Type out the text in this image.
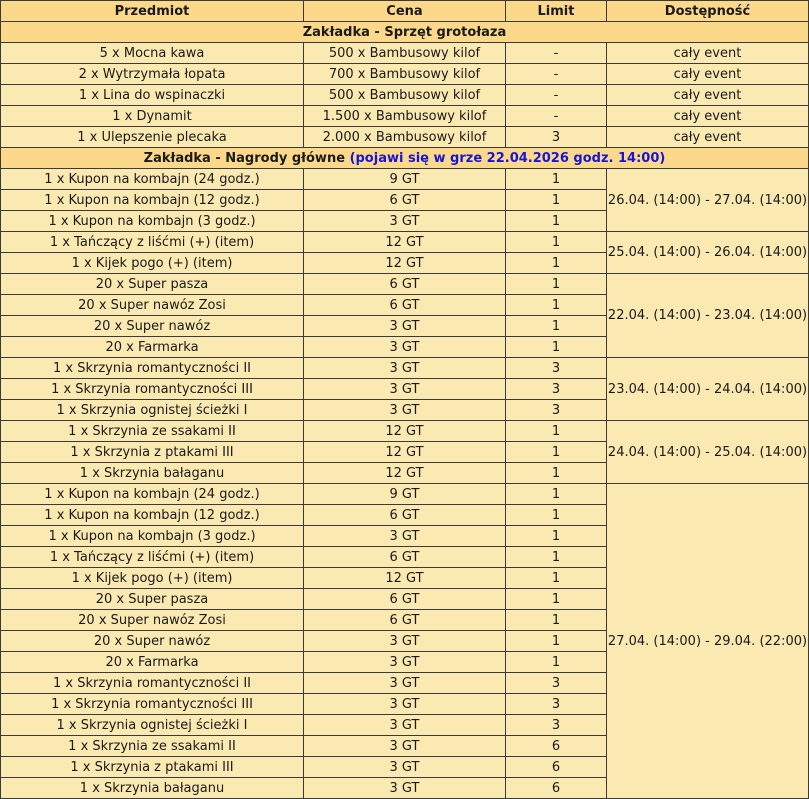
Przedmiot	Cena	Limit	Dostępność
Zakładka - Sprzęt grotołaza			
5 x Mocna kawa	500 x Bambusowy kilof	-	cały event
2 x Wytrzymała łopata	700 x Bambusowy kilof	-	cały event
1 x Lina do wspinaczki	500 x Bambusowy kilof	-	cały event
1 x Dynamit	1.500 x Bambusowy kilof	-	cały event
1 x Ulepszenie plecaka	2.000 x Bambusowy kilof	3	cały event
Zakładka - Nagrody główne (pojawi się w grze 22.04.2026 godz. 14:00)			
1 x Kupon na kombajn (24 godz.)	9 GT	1	26.04. (14:00) - 27.04. (14:00)
1 x Kupon na kombajn (12 godz.)	6 GT	1	
1 x Kupon na kombajn (3 godz.)	3 GT	1	
1 x Tańczący z liśćmi (+) (item)	12 GT	1	25.04. (14:00) - 26.04. (14:00)
1 x Kijek pogo (+) (item)	12 GT	1	
20 x Super pasza	6 GT	1	22.04. (14:00) - 23.04. (14:00)
20 x Super nawóz Zosi	6 GT	1	
20 x Super nawóz	3 GT	1	
20 x Farmarka	3 GT	1	
1 x Skrzynia romantyczności II	3 GT	3	23.04. (14:00) - 24.04. (14:00)
1 x Skrzynia romantyczności III	3 GT	3	
1 x Skrzynia ognistej ścieżki I	3 GT	3	
1 x Skrzynia ze ssakami II	12 GT	1	24.04. (14:00) - 25.04. (14:00)
1 x Skrzynia z ptakami III	12 GT	1	
1 x Skrzynia bałaganu	12 GT	1	
1 x Kupon na kombajn (24 godz.)	9 GT	1	27.04. (14:00) - 29.04. (22:00)
1 x Kupon na kombajn (12 godz.)	6 GT	1	
1 x Kupon na kombajn (3 godz.)	3 GT	1	
1 x Tańczący z liśćmi (+) (item)	6 GT	1	
1 x Kijek pogo (+) (item)	12 GT	1	
20 x Super pasza	6 GT	1	
20 x Super nawóz Zosi	6 GT	1	
20 x Super nawóz	3 GT	1	
20 x Farmarka	3 GT	1	
1 x Skrzynia romantyczności II	3 GT	3	
1 x Skrzynia romantyczności III	3 GT	3	
1 x Skrzynia ognistej ścieżki I	3 GT	3	
1 x Skrzynia ze ssakami II	3 GT	6	
1 x Skrzynia z ptakami III	3 GT	6	
1 x Skrzynia bałaganu	3 GT	6	
